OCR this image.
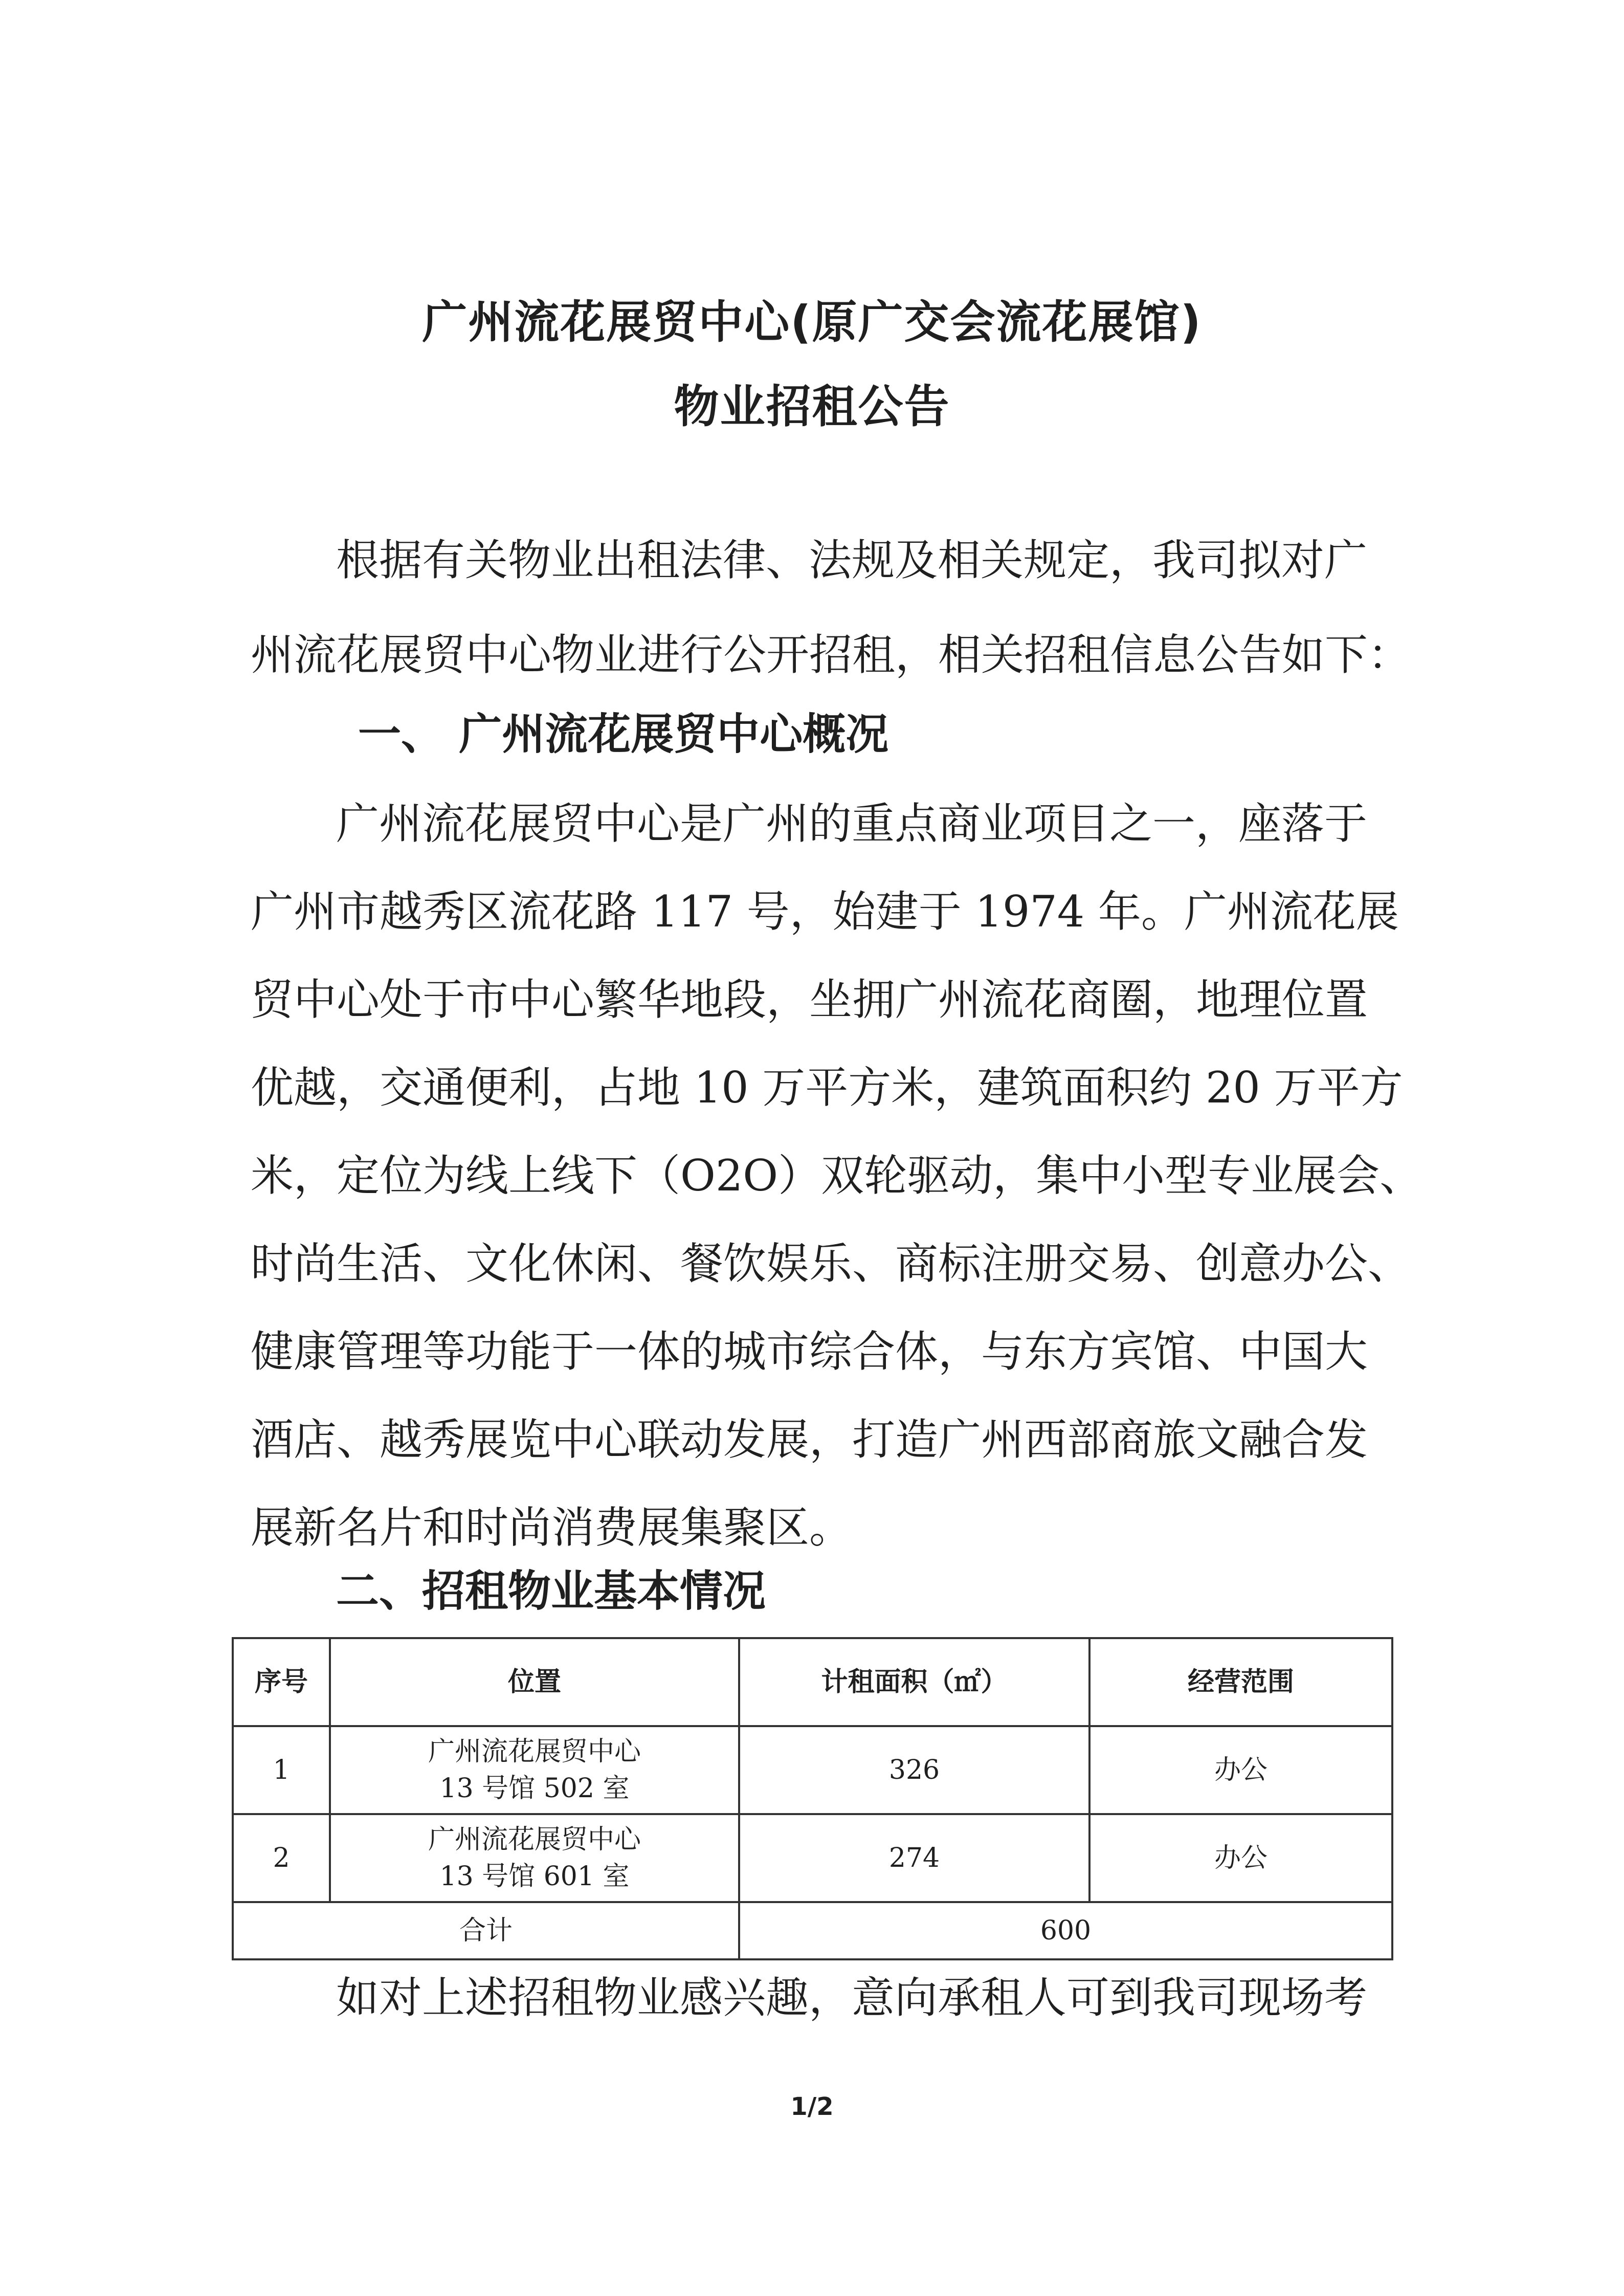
广州流花展贸中心(原广交会流花展馆)
物业招租公告

根据有关物业出租法律、法规及相关规定，我司拟对广

州流花展贸中心物业进行公开招租，相关招租信息公告如下：

一、 广州流花展贸中心概况

广州流花展贸中心是广州的重点商业项目之一，座落于

广州市越秀区流花路 117 号，始建于 1974 年。广州流花展

贸中心处于市中心繁华地段，坐拥广州流花商圈，地理位置

优越，交通便利，占地 10 万平方米，建筑面积约 20 万平方

米，定位为线上线下（O2O）双轮驱动，集中小型专业展会、

时尚生活、文化休闲、餐饮娱乐、商标注册交易、创意办公、

健康管理等功能于一体的城市综合体，与东方宾馆、中国大

酒店、越秀展览中心联动发展，打造广州西部商旅文融合发

展新名片和时尚消费展集聚区。

二、招租物业基本情况
序号	位置	计租面积（㎡）	经营范围
1	广州流花展贸中心
13 号馆 502 室	326	办公
2	广州流花展贸中心
13 号馆 601 室	274	办公
合计		600	

如对上述招租物业感兴趣，意向承租人可到我司现场考

1/2
